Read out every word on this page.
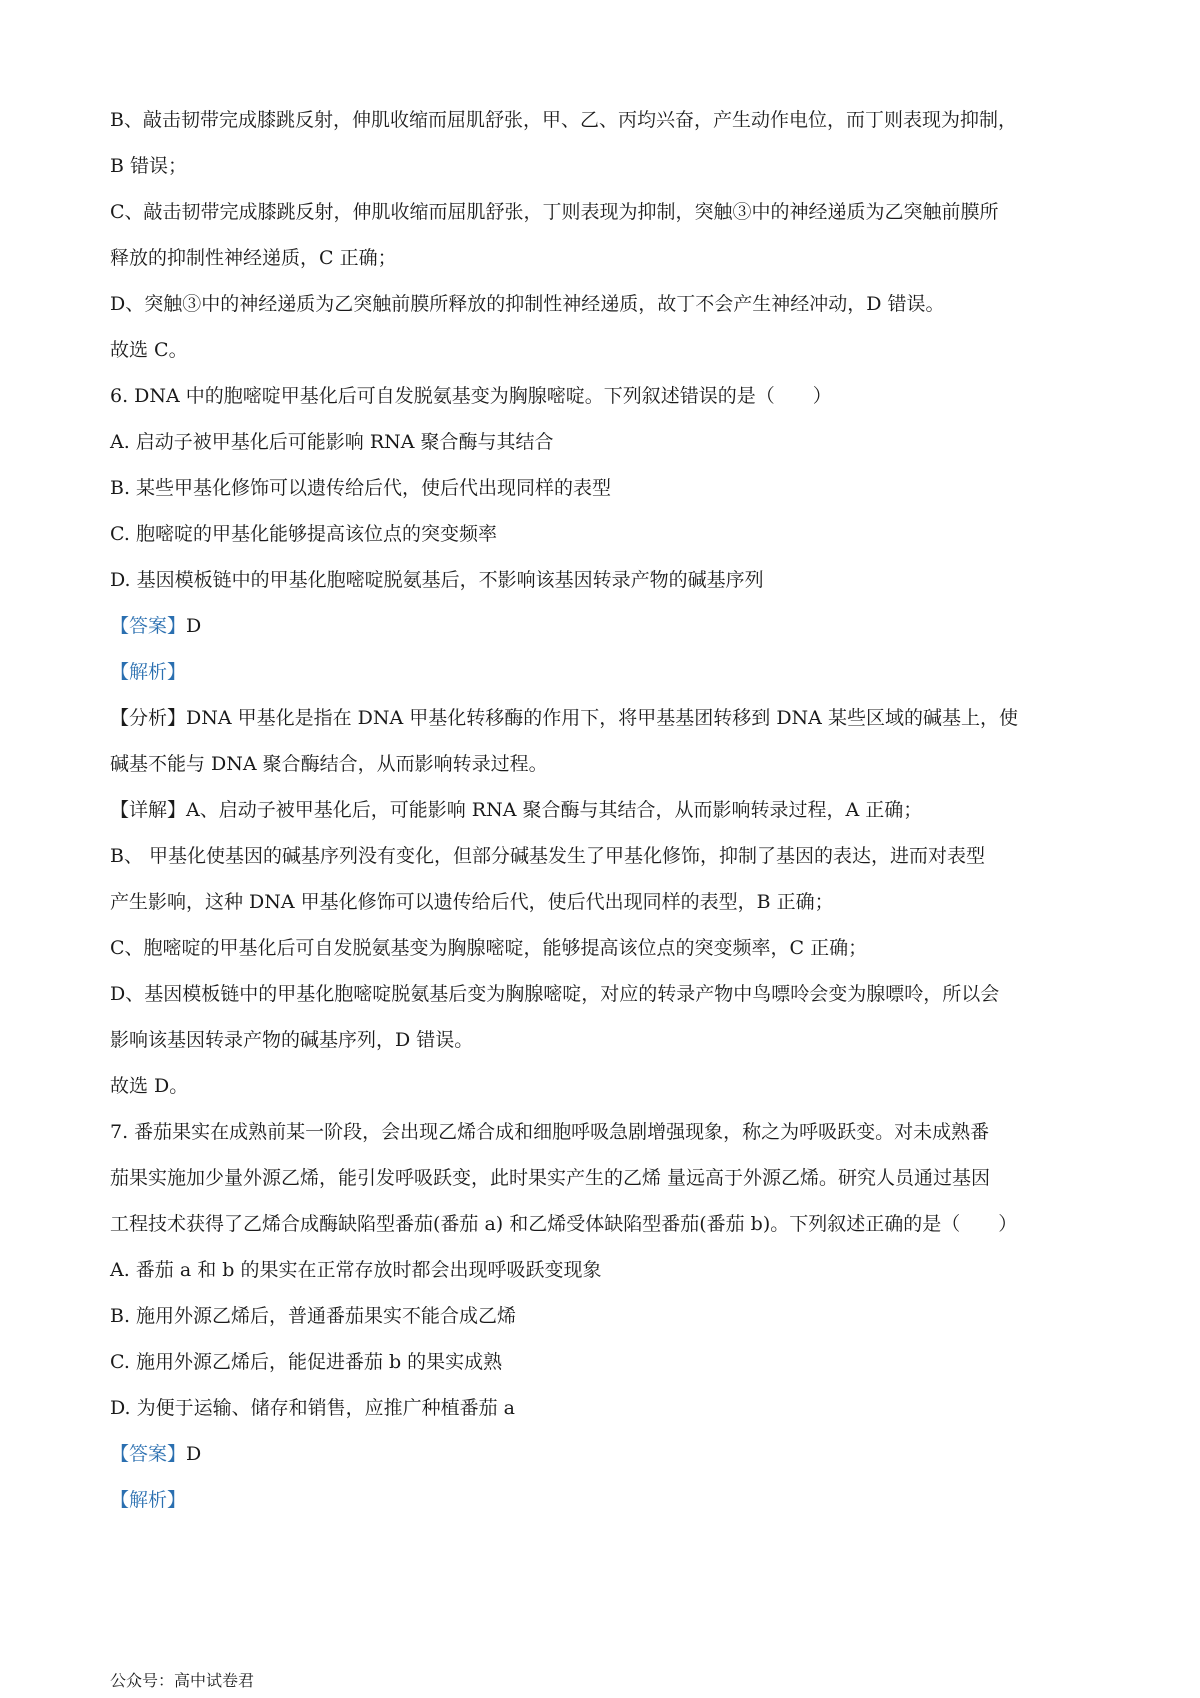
B、敲击韧带完成膝跳反射，伸肌收缩而屈肌舒张，甲、乙、丙均兴奋，产生动作电位，而丁则表现为抑制，

B 错误；

C、敲击韧带完成膝跳反射，伸肌收缩而屈肌舒张，丁则表现为抑制，突触③中的神经递质为乙突触前膜所

释放的抑制性神经递质，C 正确；

D、突触③中的神经递质为乙突触前膜所释放的抑制性神经递质，故丁不会产生神经冲动，D 错误。

故选 C。

6. DNA 中的胞嘧啶甲基化后可自发脱氨基变为胸腺嘧啶。下列叙述错误的是（　　）

A. 启动子被甲基化后可能影响 RNA 聚合酶与其结合

B. 某些甲基化修饰可以遗传给后代，使后代出现同样的表型

C. 胞嘧啶的甲基化能够提高该位点的突变频率

D. 基因模板链中的甲基化胞嘧啶脱氨基后，不影响该基因转录产物的碱基序列

【答案】D

【解析】

【分析】DNA 甲基化是指在 DNA 甲基化转移酶的作用下，将甲基基团转移到 DNA 某些区域的碱基上，使

碱基不能与 DNA 聚合酶结合，从而影响转录过程。

【详解】A、启动子被甲基化后，可能影响 RNA 聚合酶与其结合，从而影响转录过程，A 正确；

B、 甲基化使基因的碱基序列没有变化，但部分碱基发生了甲基化修饰，抑制了基因的表达，进而对表型

产生影响，这种 DNA 甲基化修饰可以遗传给后代，使后代出现同样的表型，B 正确；

C、胞嘧啶的甲基化后可自发脱氨基变为胸腺嘧啶，能够提高该位点的突变频率，C 正确；

D、基因模板链中的甲基化胞嘧啶脱氨基后变为胸腺嘧啶，对应的转录产物中鸟嘌呤会变为腺嘌呤，所以会

影响该基因转录产物的碱基序列，D 错误。

故选 D。

7. 番茄果实在成熟前某一阶段，会出现乙烯合成和细胞呼吸急剧增强现象，称之为呼吸跃变。对未成熟番

茄果实施加少量外源乙烯，能引发呼吸跃变，此时果实产生的乙烯 量远高于外源乙烯。研究人员通过基因

工程技术获得了乙烯合成酶缺陷型番茄(番茄 a) 和乙烯受体缺陷型番茄(番茄 b)。下列叙述正确的是（　　）

A. 番茄 a 和 b 的果实在正常存放时都会出现呼吸跃变现象

B. 施用外源乙烯后，普通番茄果实不能合成乙烯

C. 施用外源乙烯后，能促进番茄 b 的果实成熟

D. 为便于运输、储存和销售，应推广种植番茄 a

【答案】D

【解析】

公众号：高中试卷君
